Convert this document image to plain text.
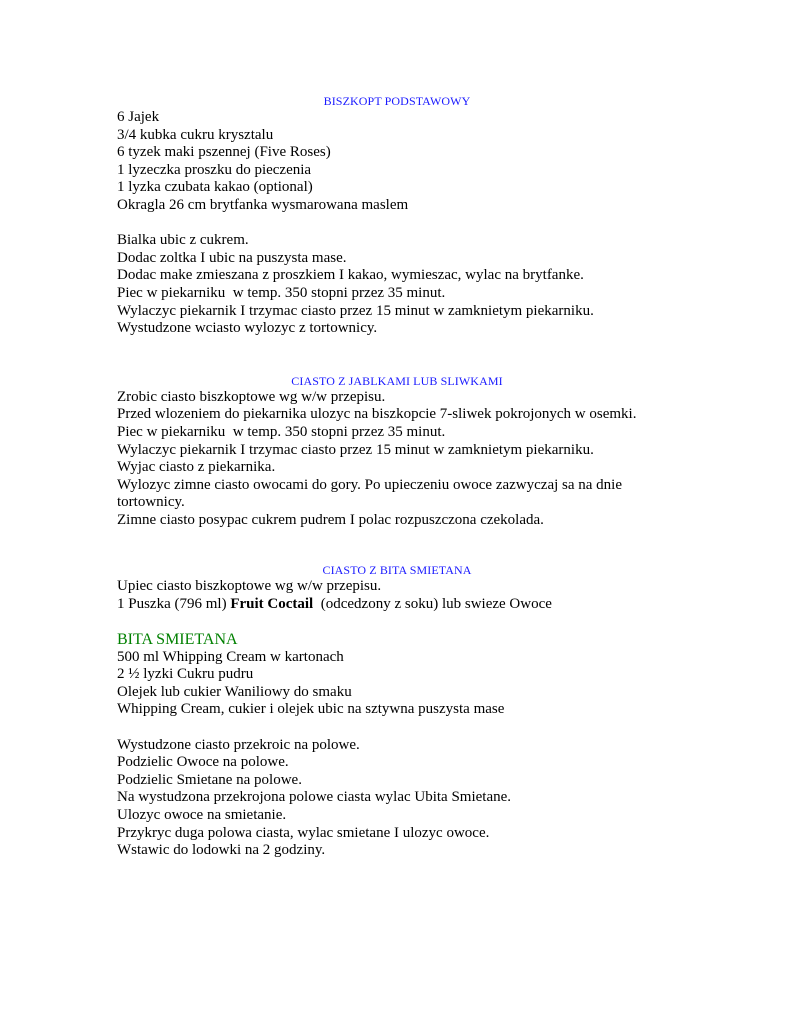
BISZKOPT PODSTAWOWY

6 Jajek

3/4 kubka cukru krysztalu

6 tyzek maki pszennej (Five Roses)

1 lyzeczka proszku do pieczenia

1 lyzka czubata kakao (optional)

Okragla 26 cm brytfanka wysmarowana maslem

Bialka ubic z cukrem.

Dodac zoltka I ubic na puszysta mase.

Dodac make zmieszana z proszkiem I kakao, wymieszac, wylac na brytfanke.

Piec w piekarniku  w temp. 350 stopni przez 35 minut.

Wylaczyc piekarnik I trzymac ciasto przez 15 minut w zamknietym piekarniku.

Wystudzone wciasto wylozyc z tortownicy.

CIASTO Z JABLKAMI LUB SLIWKAMI

Zrobic ciasto biszkoptowe wg w/w przepisu.

Przed wlozeniem do piekarnika ulozyc na biszkopcie 7-sliwek pokrojonych w osemki.

Piec w piekarniku  w temp. 350 stopni przez 35 minut.

Wylaczyc piekarnik I trzymac ciasto przez 15 minut w zamknietym piekarniku.

Wyjac ciasto z piekarnika.

Wylozyc zimne ciasto owocami do gory. Po upieczeniu owoce zazwyczaj sa na dnie

tortownicy.

Zimne ciasto posypac cukrem pudrem I polac rozpuszczona czekolada.

CIASTO Z BITA SMIETANA

Upiec ciasto biszkoptowe wg w/w przepisu.

1 Puszka (796 ml) Fruit Coctail  (odcedzony z soku) lub swieze Owoce

BITA SMIETANA

500 ml Whipping Cream w kartonach

2 ½ lyzki Cukru pudru

Olejek lub cukier Waniliowy do smaku

Whipping Cream, cukier i olejek ubic na sztywna puszysta mase

Wystudzone ciasto przekroic na polowe.

Podzielic Owoce na polowe.

Podzielic Smietane na polowe.

Na wystudzona przekrojona polowe ciasta wylac Ubita Smietane.

Ulozyc owoce na smietanie.

Przykryc duga polowa ciasta, wylac smietane I ulozyc owoce.

Wstawic do lodowki na 2 godziny.
